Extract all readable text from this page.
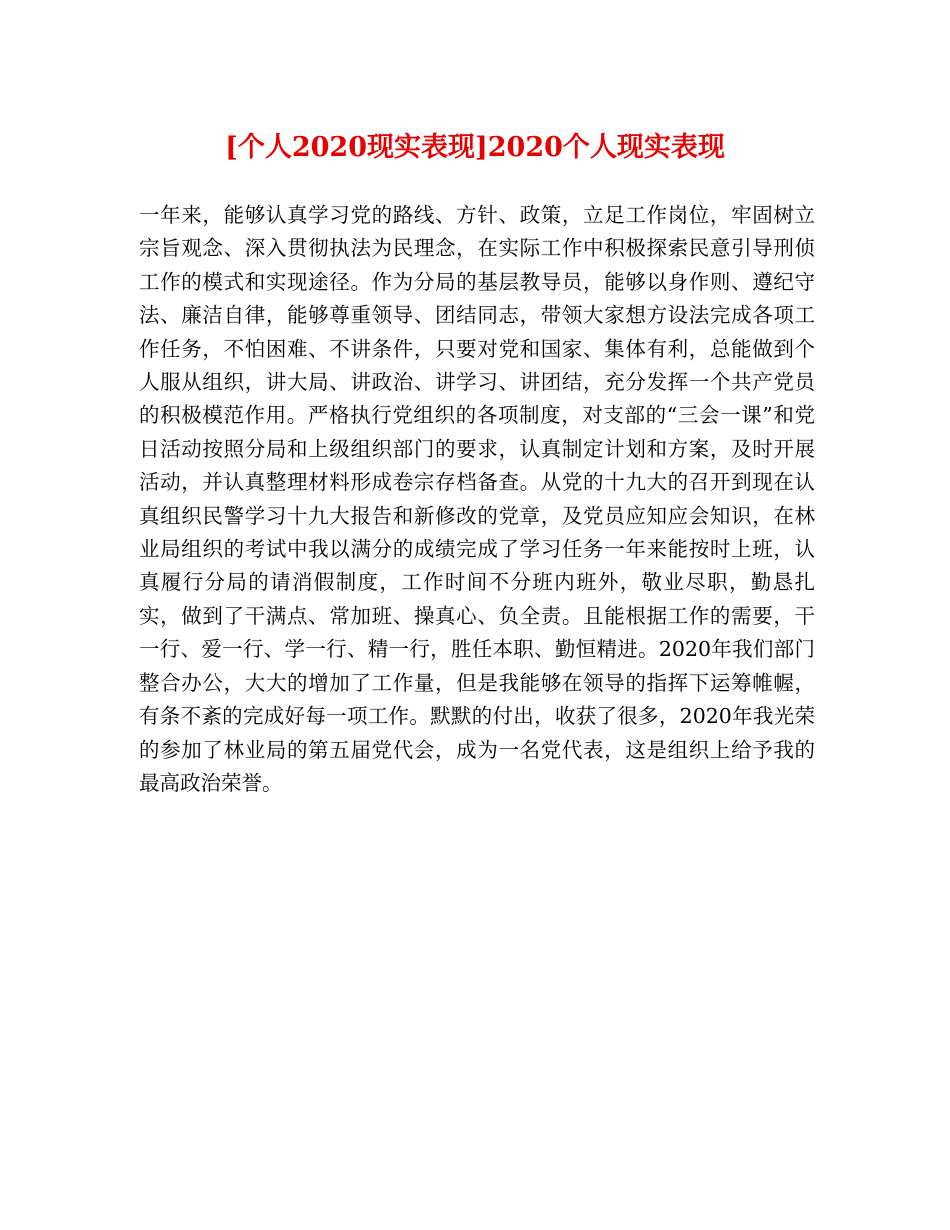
[个人2020现实表现]2020个人现实表现

一年来，能够认真学习党的路线、方针、政策，立足工作岗位，牢固树立宗旨观念、深入贯彻执法为民理念，在实际工作中积极探索民意引导刑侦工作的模式和实现途径。作为分局的基层教导员，能够以身作则、遵纪守法、廉洁自律，能够尊重领导、团结同志，带领大家想方设法完成各项工作任务，不怕困难、不讲条件，只要对党和国家、集体有利，总能做到个人服从组织，讲大局、讲政治、讲学习、讲团结，充分发挥一个共产党员的积极模范作用。严格执行党组织的各项制度，对支部的“三会一课”和党日活动按照分局和上级组织部门的要求，认真制定计划和方案，及时开展活动，并认真整理材料形成卷宗存档备查。从党的十九大的召开到现在认真组织民警学习十九大报告和新修改的党章，及党员应知应会知识，在林业局组织的考试中我以满分的成绩完成了学习任务一年来能按时上班，认真履行分局的请消假制度，工作时间不分班内班外，敬业尽职，勤恳扎实，做到了干满点、常加班、操真心、负全责。且能根据工作的需要，干一行、爱一行、学一行、精一行，胜任本职、勤恒精进。2020年我们部门整合办公，大大的增加了工作量，但是我能够在领导的指挥下运筹帷幄，有条不紊的完成好每一项工作。默默的付出，收获了很多，2020年我光荣的参加了林业局的第五届党代会，成为一名党代表，这是组织上给予我的最高政治荣誉。
